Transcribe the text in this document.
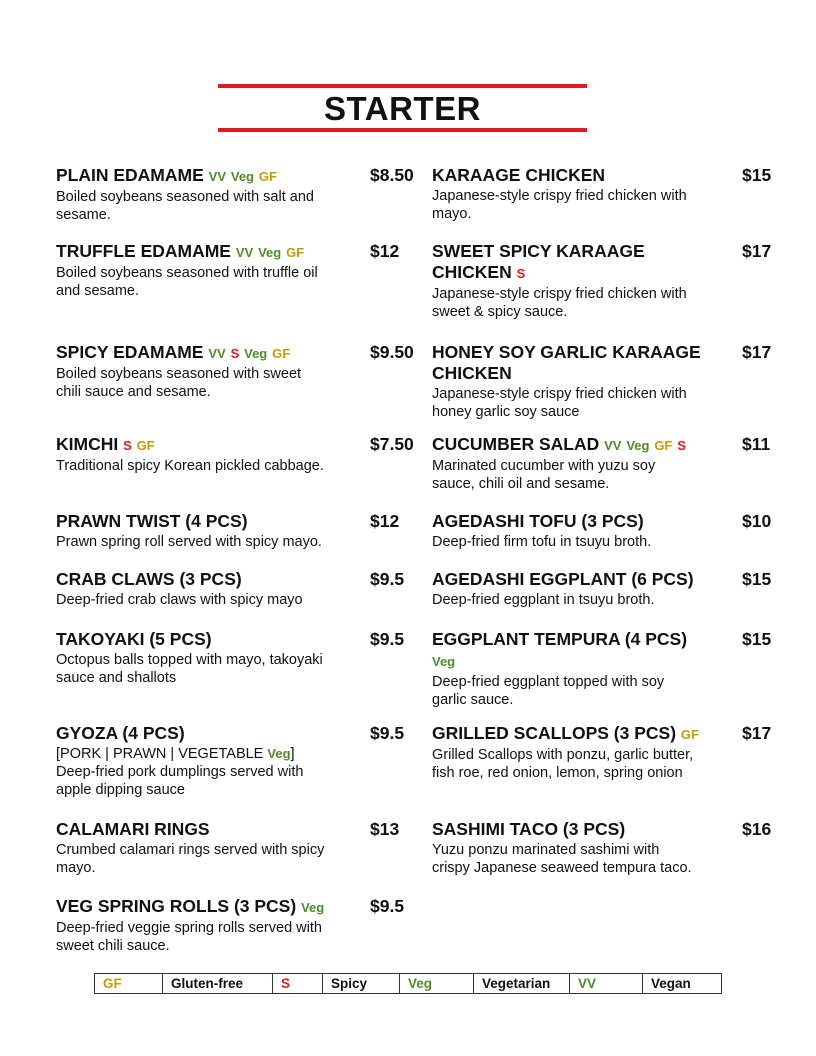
STARTER
PLAIN EDAMAME VV Veg GF
Boiled soybeans seasoned with salt and
sesame.
$8.50
TRUFFLE EDAMAME VV Veg GF
Boiled soybeans seasoned with truffle oil
and sesame.
$12
SPICY EDAMAME VV S Veg GF
Boiled soybeans seasoned with sweet
chili sauce and sesame.
$9.50
KIMCHI S GF
Traditional spicy Korean pickled cabbage.
$7.50
PRAWN TWIST (4 PCS)
Prawn spring roll served with spicy mayo.
$12
CRAB CLAWS (3 PCS)
Deep-fried crab claws with spicy mayo
$9.5
TAKOYAKI (5 PCS)
Octopus balls topped with mayo, takoyaki
sauce and shallots
$9.5
GYOZA (4 PCS)
[PORK | PRAWN | VEGETABLE Veg]
Deep-fried pork dumplings served with
apple dipping sauce
$9.5
CALAMARI RINGS
Crumbed calamari rings served with spicy
mayo.
$13
VEG SPRING ROLLS (3 PCS) Veg
Deep-fried veggie spring rolls served with
sweet chili sauce.
$9.5
KARAAGE CHICKEN
Japanese-style crispy fried chicken with
mayo.
$15
SWEET SPICY KARAAGE
CHICKEN S
Japanese-style crispy fried chicken with
sweet & spicy sauce.
$17
HONEY SOY GARLIC KARAAGE
CHICKEN
Japanese-style crispy fried chicken with
honey garlic soy sauce
$17
CUCUMBER SALAD VV Veg GF S
Marinated cucumber with yuzu soy
sauce, chili oil and sesame.
$11
AGEDASHI TOFU (3 PCS)
Deep-fried firm tofu in tsuyu broth.
$10
AGEDASHI EGGPLANT (6 PCS)
Deep-fried eggplant in tsuyu broth.
$15
EGGPLANT TEMPURA (4 PCS)
Veg
Deep-fried eggplant topped with soy
garlic sauce.
$15
GRILLED SCALLOPS (3 PCS) GF
Grilled Scallops with ponzu, garlic butter,
fish roe, red onion, lemon, spring onion
$17
SASHIMI TACO (3 PCS)
Yuzu ponzu marinated sashimi with
crispy Japanese seaweed tempura taco.
$16
GF	Gluten-free	S	Spicy	Veg	Vegetarian	VV	Vegan
